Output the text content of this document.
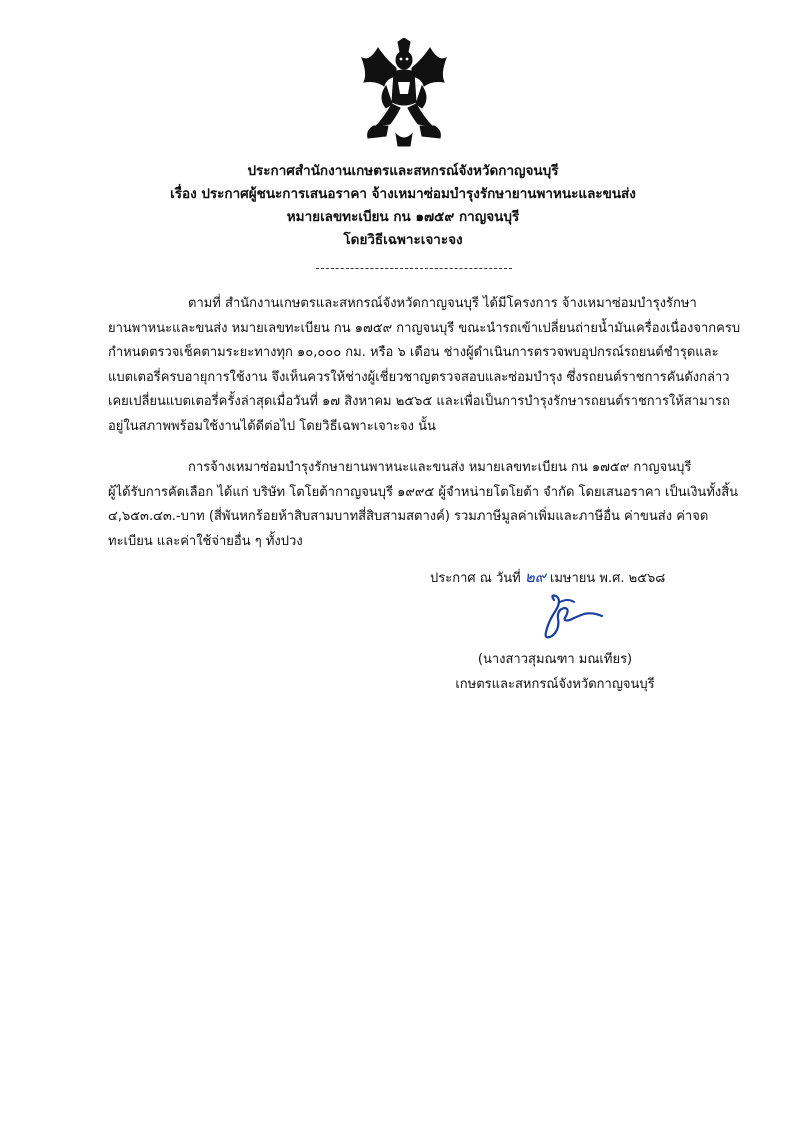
ประกาศสำนักงานเกษตรและสหกรณ์จังหวัดกาญจนบุรี
เรื่อง ประกาศผู้ชนะการเสนอราคา จ้างเหมาซ่อมบำรุงรักษายานพาหนะและขนส่ง
หมายเลขทะเบียน กน ๑๗๕๙ กาญจนบุรี
โดยวิธีเฉพาะเจาะจง
ตามที่ สำนักงานเกษตรและสหกรณ์จังหวัดกาญจนบุรี ได้มีโครงการ จ้างเหมาซ่อมบำรุงรักษา
ยานพาหนะและขนส่ง หมายเลขทะเบียน กน ๑๗๕๙ กาญจนบุรี ขณะนำรถเข้าเปลี่ยนถ่ายน้ำมันเครื่องเนื่องจากครบ
กำหนดตรวจเช็คตามระยะทางทุก ๑๐,๐๐๐ กม. หรือ ๖ เดือน ช่างผู้ดำเนินการตรวจพบอุปกรณ์รถยนต์ชำรุดและ
แบตเตอรี่ครบอายุการใช้งาน จึงเห็นควรให้ช่างผู้เชี่ยวชาญตรวจสอบและซ่อมบำรุง ซึ่งรถยนต์ราชการคันดังกล่าว
เคยเปลี่ยนแบตเตอรี่ครั้งล่าสุดเมื่อวันที่ ๑๗ สิงหาคม ๒๕๖๕ และเพื่อเป็นการบำรุงรักษารถยนต์ราชการให้สามารถ
อยู่ในสภาพพร้อมใช้งานได้ดีต่อไป โดยวิธีเฉพาะเจาะจง นั้น
การจ้างเหมาซ่อมบำรุงรักษายานพาหนะและขนส่ง หมายเลขทะเบียน กน ๑๗๕๙ กาญจนบุรี
ผู้ได้รับการคัดเลือก ได้แก่ บริษัท โตโยต้ากาญจนบุรี ๑๙๙๕ ผู้จำหน่ายโตโยต้า จำกัด โดยเสนอราคา เป็นเงินทั้งสิ้น
๔,๖๕๓.๔๓.-บาท (สี่พันหกร้อยห้าสิบสามบาทสี่สิบสามสตางค์) รวมภาษีมูลค่าเพิ่มและภาษีอื่น ค่าขนส่ง ค่าจด
ทะเบียน และค่าใช้จ่ายอื่น ๆ ทั้งปวง
ประกาศ ณ วันที่ ๒๙ เมษายน พ.ศ. ๒๕๖๘
(นางสาวสุมณฑา มณเทียร)
เกษตรและสหกรณ์จังหวัดกาญจนบุรี
